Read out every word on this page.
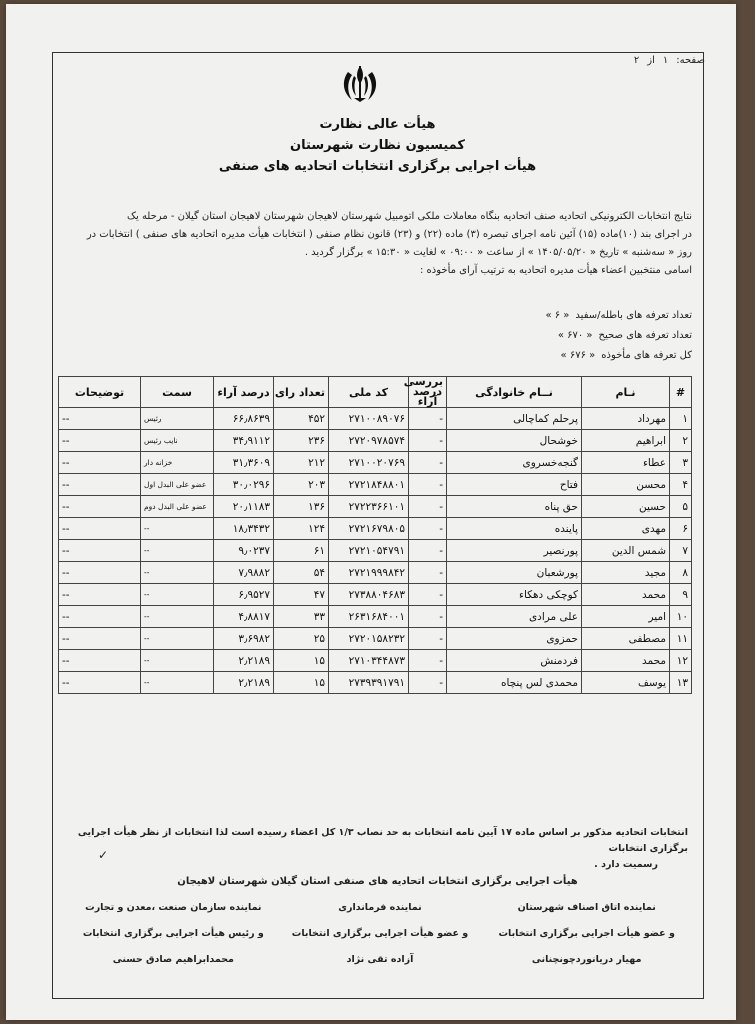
صفحه:
۱
از
۲
هیأت عالی نظارت
کمیسیون نظارت شهرستان
هیأت اجرایی برگزاری انتخابات اتحادیه های صنفی
نتایج انتخابات الکترونیکی اتحادیه صنف اتحادیه بنگاه معاملات ملکی اتومبیل شهرستان لاهیجان شهرستان لاهیجان استان گیلان - مرحله یک
در اجرای بند (۱۰)ماده (۱۵) آئین نامه اجرای تبصره (۳) ماده (۲۲) و (۲۳) قانون نظام صنفی ( انتخابات هیأت مدیره اتحادیه های صنفی ) انتخابات در
روز « سه‌شنبه » تاریخ « ۱۴۰۵/۰۵/۲۰ » از ساعت « ۰۹:۰۰ » لغایت « ۱۵:۳۰ » برگزار گردید .
اسامی منتخبین اعضاء هیأت مدیره اتحادیه به ترتیب آرای مأخوذه :
تعداد تعرفه های باطله/سفید« ۶ »
تعداد تعرفه های صحیح« ۶۷۰ »
کل تعرفه های مأخوذه« ۶۷۶ »
#	نـام	نــام خانوادگی	بررسی درصد آراء	کد ملی	تعداد رای	درصد آراء	سمت	توضیحات
۱	مهرداد	پرحلم کماچالی	-	۲۷۱۰۰۸۹۰۷۶	۴۵۲	۶۶٫۸۶۳۹	رئیس	--
۲	ابراهیم	خوشحال	-	۲۷۲۰۹۷۸۵۷۴	۲۳۶	۳۴٫۹۱۱۲	نایب رئیس	--
۳	عطاء	گنجه‌خسروی	-	۲۷۱۰۰۲۰۷۶۹	۲۱۲	۳۱٫۳۶۰۹	خزانه دار	--
۴	محسن	فتاح	-	۲۷۲۱۸۴۸۸۰۱	۲۰۳	۳۰٫۰۲۹۶	عضو علی البدل اول	--
۵	حسین	حق پناه	-	۲۷۲۲۳۶۶۱۰۱	۱۳۶	۲۰٫۱۱۸۳	عضو علی البدل دوم	--
۶	مهدی	پاینده	-	۲۷۲۱۶۷۹۸۰۵	۱۲۴	۱۸٫۳۴۳۲	--	--
۷	شمس الدین	پورنصیر	-	۲۷۲۱۰۵۴۷۹۱	۶۱	۹٫۰۲۳۷	--	--
۸	مجید	پورشعبان	-	۲۷۲۱۹۹۹۸۴۲	۵۴	۷٫۹۸۸۲	--	--
۹	محمد	کوچکی دهکاء	-	۲۷۳۸۸۰۴۶۸۳	۴۷	۶٫۹۵۲۷	--	--
۱۰	امیر	علی مرادی	-	۲۶۳۱۶۸۴۰۰۱	۳۳	۴٫۸۸۱۷	--	--
۱۱	مصطفی	حمزوی	-	۲۷۲۰۱۵۸۲۳۲	۲۵	۳٫۶۹۸۲	--	--
۱۲	محمد	فردمنش	-	۲۷۱۰۳۴۴۸۷۳	۱۵	۲٫۲۱۸۹	--	--
۱۳	یوسف	محمدی لس پنچاه	-	۲۷۳۹۳۹۱۷۹۱	۱۵	۲٫۲۱۸۹	--	--
انتخابات اتحادیه مذکور بر اساس ماده ۱۷ آیین نامه انتخابات به حد نصاب ۱/۳ کل اعضاء رسیده است لذا انتخابات از نظر هیأت اجرایی برگزاری انتخابات
رسمیت دارد .
✓
هیأت اجرایی برگزاری انتخابات اتحادیه های صنفی استان گیلان شهرستان لاهیجان
نماینده اتاق اصناف شهرستان
نماینده فرمانداری
نماینده سازمان صنعت ،معدن و تجارت
و عضو هیأت اجرایی برگزاری انتخابات
و عضو هیأت اجرایی برگزاری انتخابات
و رئیس هیأت اجرایی برگزاری انتخابات
مهیار دریانوردچونچنانی
آزاده تقی نژاد
محمدابراهیم صادق حسنی
